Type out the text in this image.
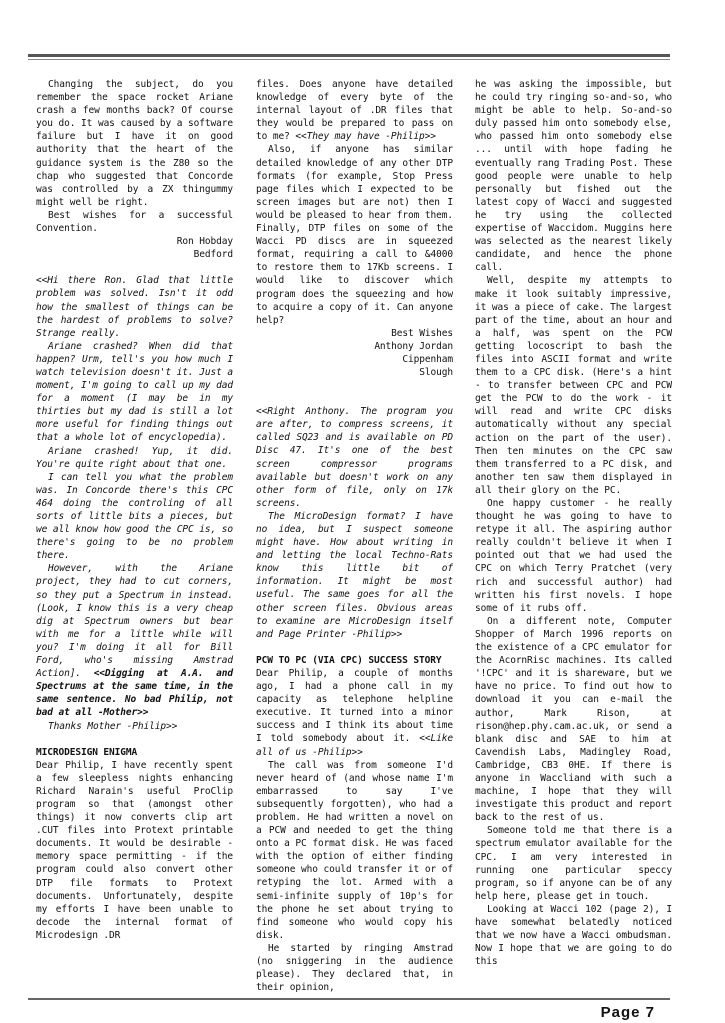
Changing the subject, do you remember the space rocket Ariane crash a few months back? Of course you do. It was caused by a software failure but I have it on good authority that the heart of the guidance system is the Z80 so the chap who suggested that Concorde was controlled by a ZX thingummy might well be right.

Best wishes for a successful Convention.

Ron Hobday

Bedford

<<Hi there Ron. Glad that little problem was solved. Isn't it odd how the smallest of things can be the hardest of problems to solve? Strange really.

Ariane crashed? When did that happen? Urm, tell's you how much I watch television doesn't it. Just a moment, I'm going to call up my dad for a moment (I may be in my thirties but my dad is still a lot more useful for finding things out that a whole lot of encyclopedia).

Ariane crashed! Yup, it did. You're quite right about that one.

I can tell you what the problem was. In Concorde there's this CPC 464 doing the controling of all sorts of little bits a pieces, but we all know how good the CPC is, so there's going to be no problem there.

However, with the Ariane project, they had to cut corners, so they put a Spectrum in instead. (Look, I know this is a very cheap dig at Spectrum owners but bear with me for a little while will you? I'm doing it all for Bill Ford, who's missing Amstrad Action]. <<Digging at A.A. and Spectrums at the same time, in the same sentence. No bad Philip, not bad at all -Mother>>

Thanks Mother -Philip>>

MICRODESIGN ENIGMA

Dear Philip, I have recently spent a few sleepless nights enhancing Richard Narain's useful ProClip program so that (amongst other things) it now converts clip art .CUT files into Protext printable documents. It would be desirable - memory space permitting - if the program could also convert other DTP file formats to Protext documents. Unfortunately, despite my efforts I have been unable to decode the internal format of Microdesign .DR

files. Does anyone have detailed knowledge of every byte of the internal layout of .DR files that they would be prepared to pass on to me? <<They may have -Philip>>

Also, if anyone has similar detailed knowledge of any other DTP formats (for example, Stop Press page files which I expected to be screen images but are not) then I would be pleased to hear from them. Finally, DTP files on some of the Wacci PD discs are in squeezed format, requiring a call to &4000 to restore them to 17Kb screens. I would like to discover which program does the squeezing and how to acquire a copy of it. Can anyone help?

Best Wishes

Anthony Jordan

Cippenham

Slough

<<Right Anthony. The program you are after, to compress screens, it called SQ23 and is available on PD Disc 47. It's one of the best screen compressor programs available but doesn't work on any other form of file, only on 17k screens.

The MicroDesign format? I have no idea, but I suspect someone might have. How about writing in and letting the local Techno-Rats know this little bit of information. It might be most useful. The same goes for all the other screen files. Obvious areas to examine are MicroDesign itself and Page Printer -Philip>>

PCW TO PC (VIA CPC) SUCCESS STORY

Dear Philip, a couple of months ago, I had a phone call in my capacity as telephone helpline executive. It turned into a minor success and I think its about time I told somebody about it. <<Like all of us -Philip>>

The call was from someone I'd never heard of (and whose name I'm embarrassed to say I've subsequently forgotten), who had a problem. He had written a novel on a PCW and needed to get the thing onto a PC format disk. He was faced with the option of either finding someone who could transfer it or of retyping the lot. Armed with a semi-infinite supply of 10p's for the phone he set about trying to find someone who would copy his disk.

He started by ringing Amstrad (no sniggering in the audience please). They declared that, in their opinion,

he was asking the impossible, but he could try ringing so-and-so, who might be able to help. So-and-so duly passed him onto somebody else, who passed him onto somebody else ... until with hope fading he eventually rang Trading Post. These good people were unable to help personally but fished out the latest copy of Wacci and suggested he try using the collected expertise of Waccidom. Muggins here was selected as the nearest likely candidate, and hence the phone call.

Well, despite my attempts to make it look suitably impressive, it was a piece of cake. The largest part of the time, about an hour and a half, was spent on the PCW getting locoscript to bash the files into ASCII format and write them to a CPC disk. (Here's a hint - to transfer between CPC and PCW get the PCW to do the work - it will read and write CPC disks automatically without any special action on the part of the user). Then ten minutes on the CPC saw them transferred to a PC disk, and another ten saw them displayed in all their glory on the PC.

One happy customer - he really thought he was going to have to retype it all. The aspiring author really couldn't believe it when I pointed out that we had used the CPC on which Terry Pratchet (very rich and successful author) had written his first novels. I hope some of it rubs off.

On a different note, Computer Shopper of March 1996 reports on the existence of a CPC emulator for the AcornRisc machines. Its called '!CPC' and it is shareware, but we have no price. To find out how to download it you can e-mail the author, Mark Rison, at rison@hep.phy.cam.ac.uk, or send a blank disc and SAE to him at Cavendish Labs, Madingley Road, Cambridge, CB3 0HE. If there is anyone in Waccliand with such a machine, I hope that they will investigate this product and report back to the rest of us.

Someone told me that there is a spectrum emulator available for the CPC. I am very interested in running one particular speccy program, so if anyone can be of any help here, please get in touch.

Looking at Wacci 102 (page 2), I have somewhat belatedly noticed that we now have a Wacci ombudsman. Now I hope that we are going to do this

Page 7
